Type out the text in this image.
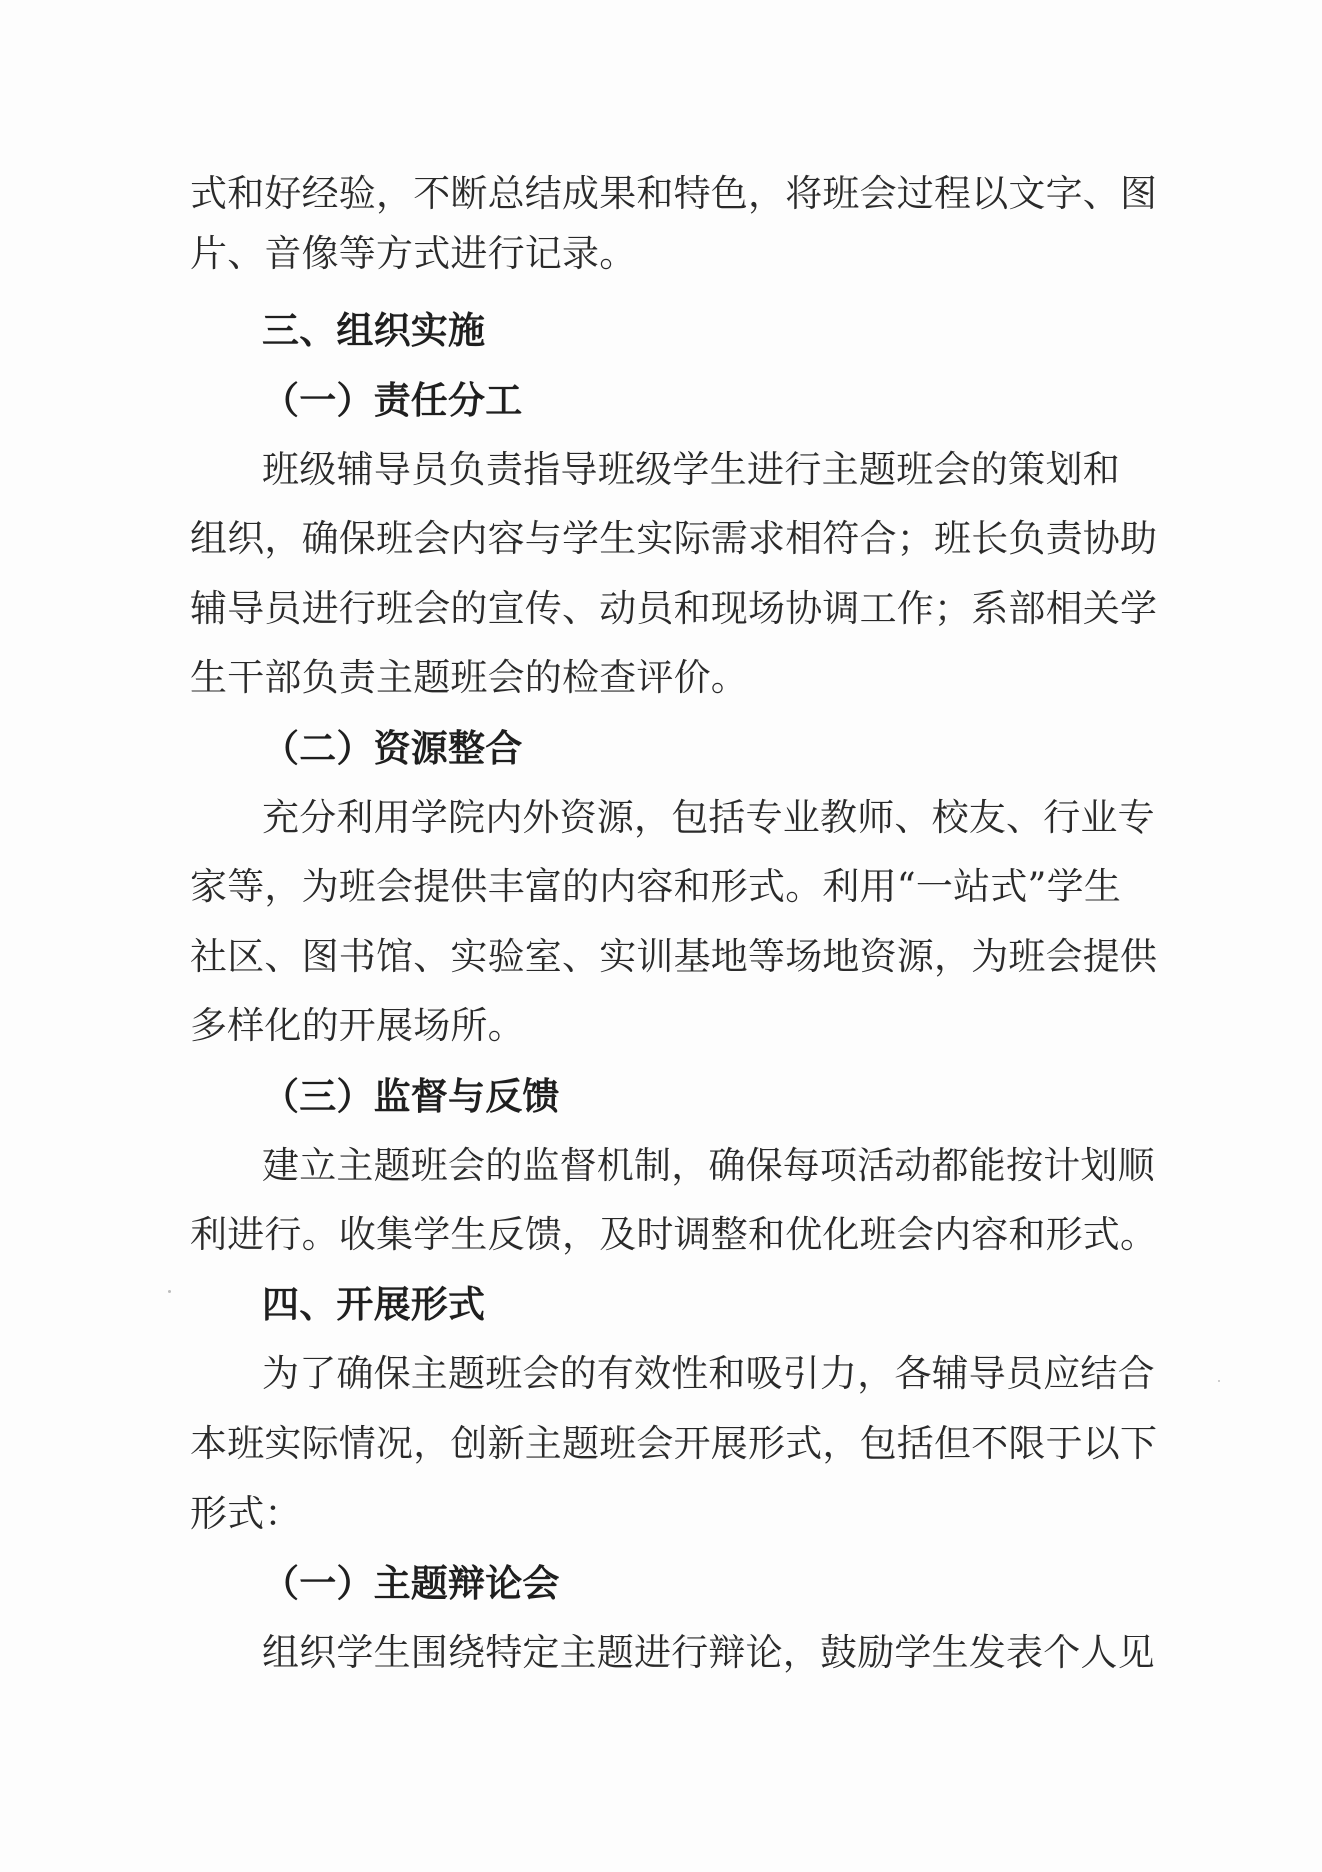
式和好经验，不断总结成果和特色，将班会过程以文字、图
片、音像等方式进行记录。
三、组织实施
（一）责任分工
班级辅导员负责指导班级学生进行主题班会的策划和
组织，确保班会内容与学生实际需求相符合；班长负责协助
辅导员进行班会的宣传、动员和现场协调工作；系部相关学
生干部负责主题班会的检查评价。
（二）资源整合
充分利用学院内外资源，包括专业教师、校友、行业专
家等，为班会提供丰富的内容和形式。利用“一站式”学生
社区、图书馆、实验室、实训基地等场地资源，为班会提供
多样化的开展场所。
（三）监督与反馈
建立主题班会的监督机制，确保每项活动都能按计划顺
利进行。收集学生反馈，及时调整和优化班会内容和形式。
四、开展形式
为了确保主题班会的有效性和吸引力，各辅导员应结合
本班实际情况，创新主题班会开展形式，包括但不限于以下
形式：
（一）主题辩论会
组织学生围绕特定主题进行辩论，鼓励学生发表个人见
